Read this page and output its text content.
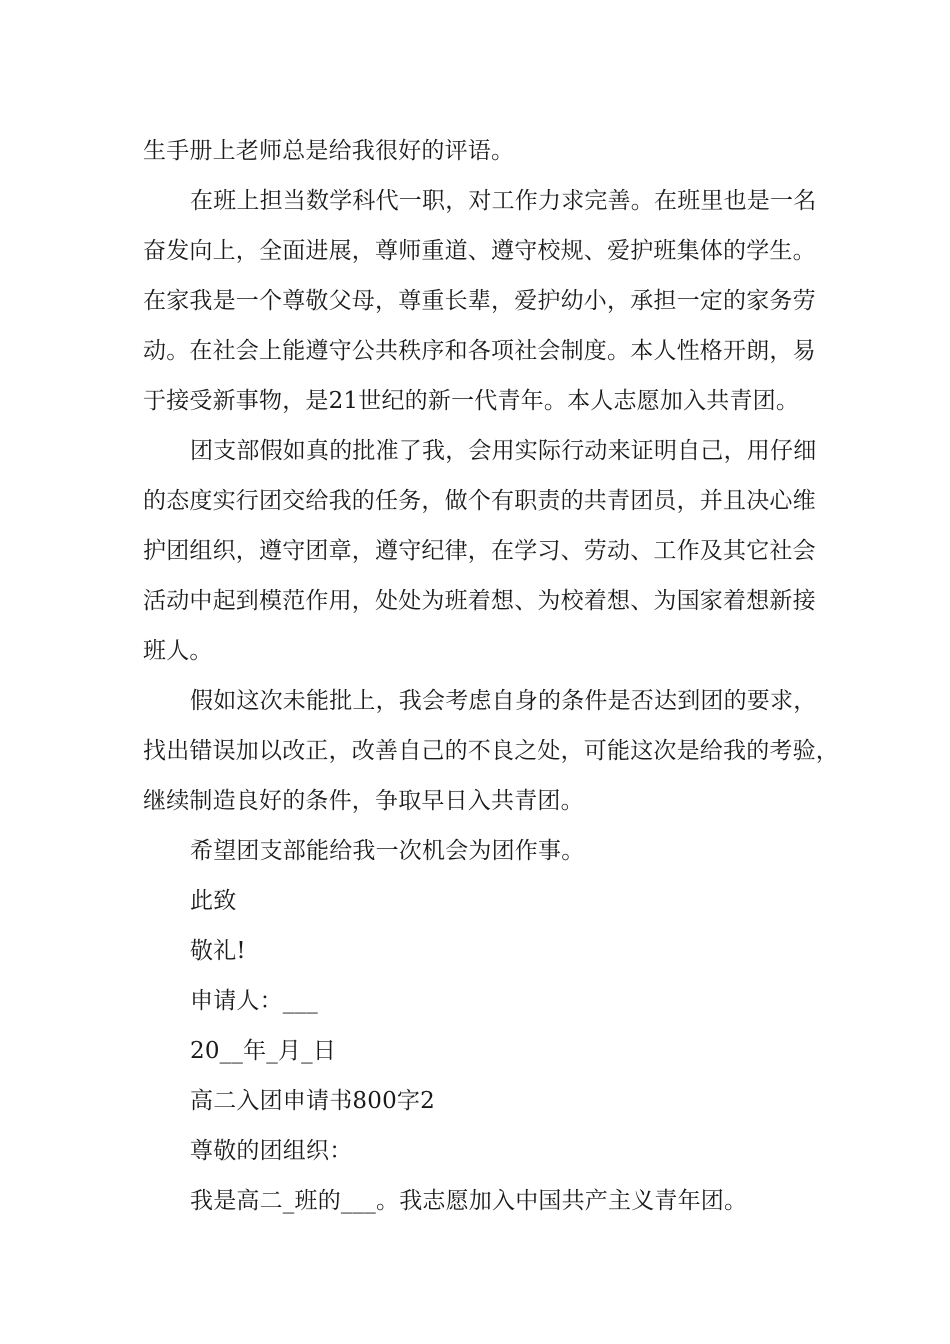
生手册上老师总是给我很好的评语。

在班上担当数学科代一职，对工作力求完善。在班里也是一名

奋发向上，全面进展，尊师重道、遵守校规、爱护班集体的学生。

在家我是一个尊敬父母，尊重长辈，爱护幼小，承担一定的家务劳

动。在社会上能遵守公共秩序和各项社会制度。本人性格开朗，易

于接受新事物，是21世纪的新一代青年。本人志愿加入共青团。

团支部假如真的批准了我，会用实际行动来证明自己，用仔细

的态度实行团交给我的任务，做个有职责的共青团员，并且决心维

护团组织，遵守团章，遵守纪律，在学习、劳动、工作及其它社会

活动中起到模范作用，处处为班着想、为校着想、为国家着想新接

班人。

假如这次未能批上，我会考虑自身的条件是否达到团的要求，

找出错误加以改正，改善自己的不良之处，可能这次是给我的考验，

继续制造良好的条件，争取早日入共青团。

希望团支部能给我一次机会为团作事。

此致

敬礼!

申请人：___

20__年_月_日

高二入团申请书800字2

尊敬的团组织：

我是高二_班的___。我志愿加入中国共产主义青年团。
